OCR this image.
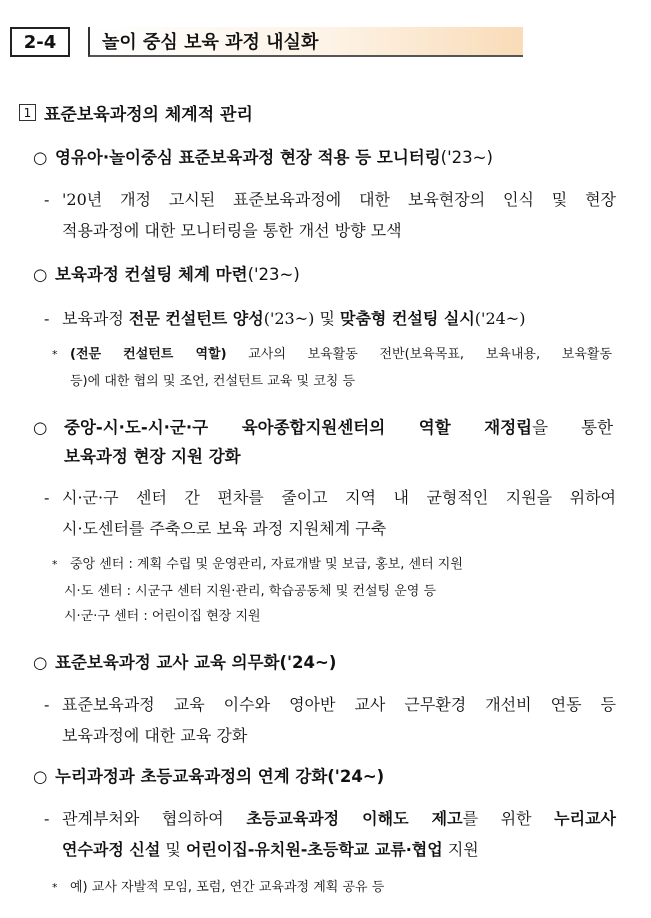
2-4	놀이 중심 보육 과정 내실화
1 표준보육과정의 체계적 관리
○ 영유아·놀이중심 표준보육과정 현장 적용 등 모니터링('23~)
- '20년 개정 고시된 표준보육과정에 대한 보육현장의 인식 및 현장
적용과정에 대한 모니터링을 통한 개선 방향 모색
○ 보육과정 컨설팅 체계 마련('23~)
- 보육과정 전문 컨설턴트 양성('23~) 및 맞춤형 컨설팅 실시('24~)
* (전문 컨설턴트 역할) 교사의 보육활동 전반(보육목표, 보육내용, 보육활동
등)에 대한 협의 및 조언, 컨설턴트 교육 및 코칭 등
○	중앙-시·도-시·군·구 육아종합지원센터의 역할 재정립을 통한
보육과정 현장 지원 강화
- 시·군·구 센터 간 편차를 줄이고 지역 내 균형적인 지원을 위하여
시·도센터를 주축으로 보육 과정 지원체계 구축
* 중앙 센터 : 계획 수립 및 운영관리, 자료개발 및 보급, 홍보, 센터 지원
시·도 센터 : 시군구 센터 지원·관리, 학습공동체 및 컨설팅 운영 등
시·군·구 센터 : 어린이집 현장 지원
○ 표준보육과정 교사 교육 의무화('24~)
- 표준보육과정 교육 이수와 영아반 교사 근무환경 개선비 연동 등
보육과정에 대한 교육 강화
○ 누리과정과 초등교육과정의 연계 강화('24~)
- 관계부처와 협의하여 초등교육과정 이해도 제고를 위한 누리교사
연수과정 신설 및 어린이집-유치원-초등학교 교류·협업 지원
* 예) 교사 자발적 모임, 포럼, 연간 교육과정 계획 공유 등
